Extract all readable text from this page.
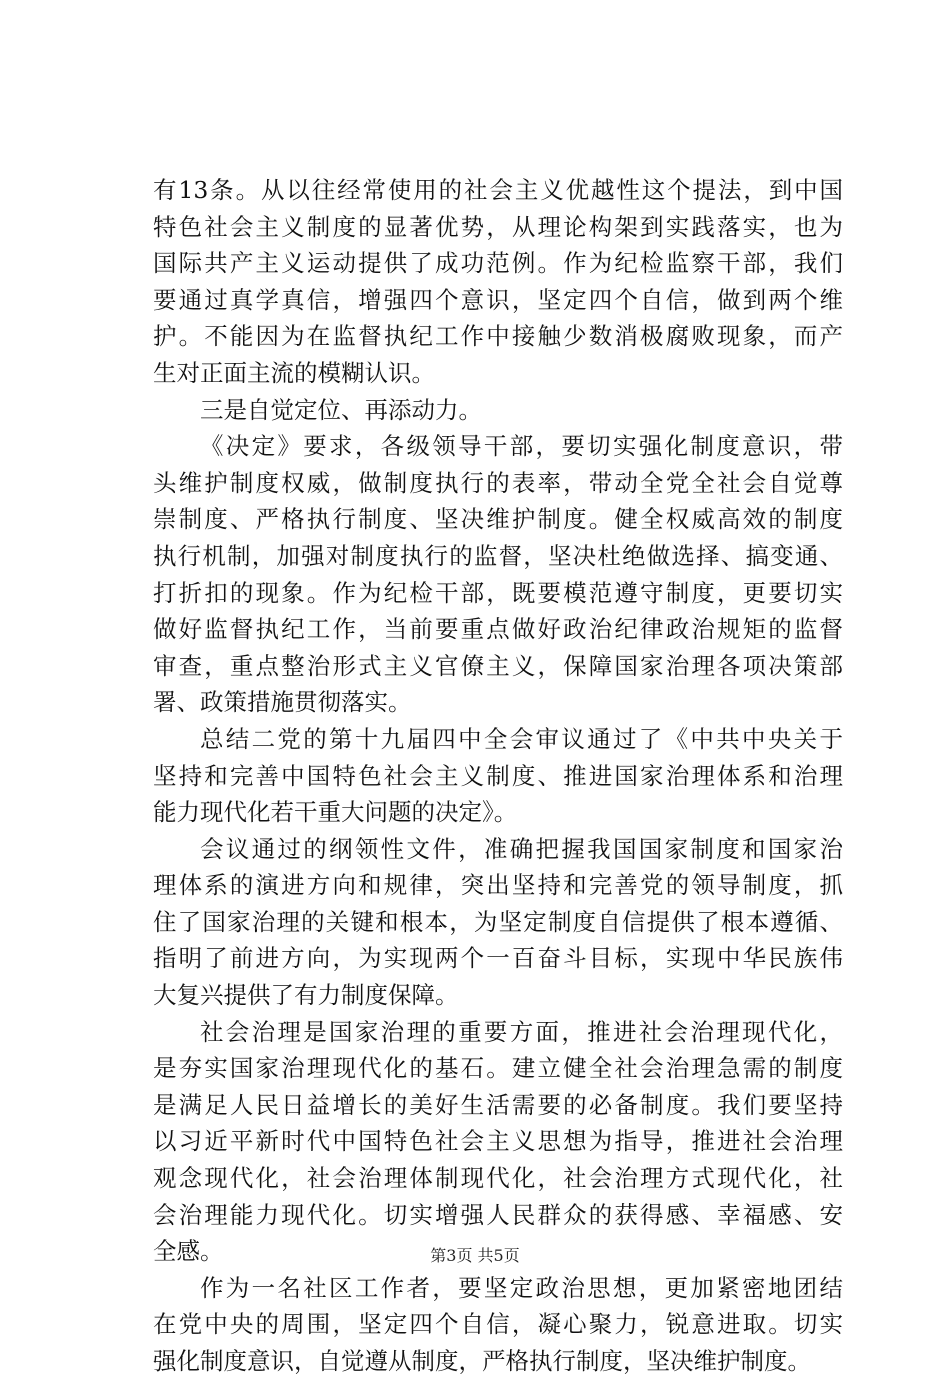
有13条。从以往经常使用的社会主义优越性这个提法，到中国
特色社会主义制度的显著优势，从理论构架到实践落实，也为
国际共产主义运动提供了成功范例。作为纪检监察干部，我们
要通过真学真信，增强四个意识，坚定四个自信，做到两个维
护。不能因为在监督执纪工作中接触少数消极腐败现象，而产
生对正面主流的模糊认识。
三是自觉定位、再添动力。
《决定》要求，各级领导干部，要切实强化制度意识，带
头维护制度权威，做制度执行的表率，带动全党全社会自觉尊
崇制度、严格执行制度、坚决维护制度。健全权威高效的制度
执行机制，加强对制度执行的监督，坚决杜绝做选择、搞变通、
打折扣的现象。作为纪检干部，既要模范遵守制度，更要切实
做好监督执纪工作，当前要重点做好政治纪律政治规矩的监督
审查，重点整治形式主义官僚主义，保障国家治理各项决策部
署、政策措施贯彻落实。
总结二党的第十九届四中全会审议通过了《中共中央关于
坚持和完善中国特色社会主义制度、推进国家治理体系和治理
能力现代化若干重大问题的决定》。
会议通过的纲领性文件，准确把握我国国家制度和国家治
理体系的演进方向和规律，突出坚持和完善党的领导制度，抓
住了国家治理的关键和根本，为坚定制度自信提供了根本遵循、
指明了前进方向，为实现两个一百奋斗目标，实现中华民族伟
大复兴提供了有力制度保障。
社会治理是国家治理的重要方面，推进社会治理现代化，
是夯实国家治理现代化的基石。建立健全社会治理急需的制度
是满足人民日益增长的美好生活需要的必备制度。我们要坚持
以习近平新时代中国特色社会主义思想为指导，推进社会治理
观念现代化，社会治理体制现代化，社会治理方式现代化，社
会治理能力现代化。切实增强人民群众的获得感、幸福感、安
全感。
作为一名社区工作者，要坚定政治思想，更加紧密地团结
在党中央的周围，坚定四个自信，凝心聚力，锐意进取。切实
强化制度意识，自觉遵从制度，严格执行制度，坚决维护制度。
第3页 共5页
